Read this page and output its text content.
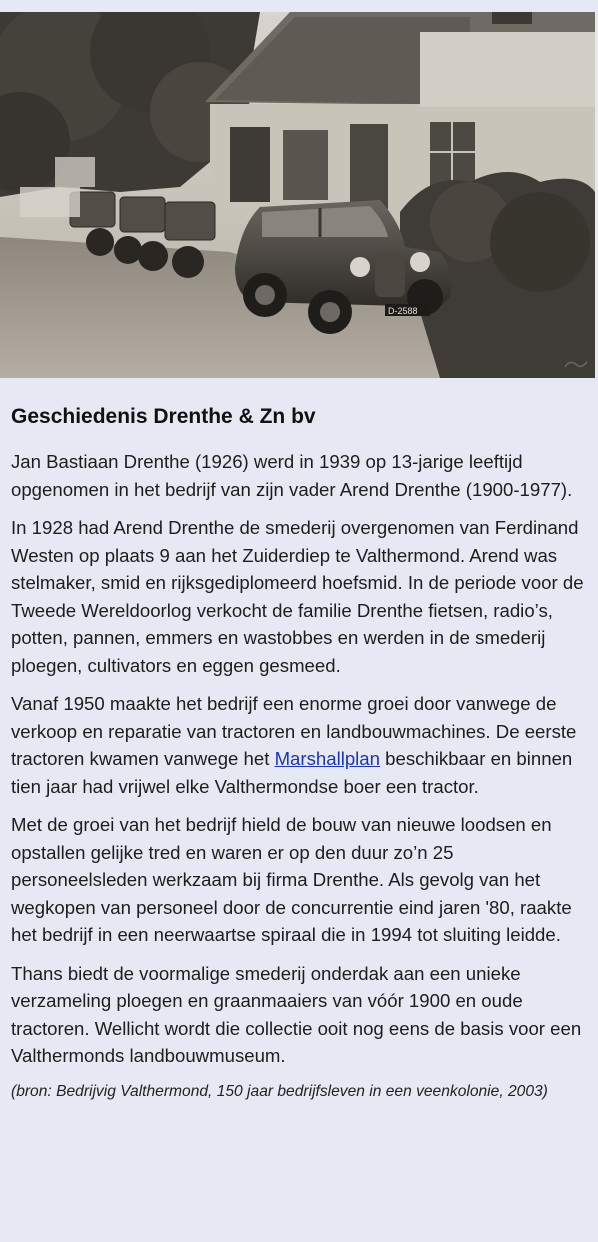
D-2588
Geschiedenis Drenthe & Zn bv

Jan Bastiaan Drenthe (1926) werd in 1939 op 13-jarige leeftijd opgenomen in het bedrijf van zijn vader Arend Drenthe (1900-1977).

In 1928 had Arend Drenthe de smederij overgenomen van Ferdinand Westen op plaats 9 aan het Zuiderdiep te Valthermond. Arend was stelmaker, smid en rijksgediplomeerd hoefsmid. In de periode voor de Tweede Wereldoorlog verkocht de familie Drenthe fietsen, radio’s, potten, pannen, emmers en wastobbes en werden in de smederij ploegen, cultivators en eggen gesmeed.

Vanaf 1950 maakte het bedrijf een enorme groei door vanwege de verkoop en reparatie van tractoren en landbouwmachines. De eerste tractoren kwamen vanwege het Marshallplan beschikbaar en binnen tien jaar had vrijwel elke Valthermondse boer een tractor.

Met de groei van het bedrijf hield de bouw van nieuwe loodsen en opstallen gelijke tred en waren er op den duur zo’n 25 personeelsleden werkzaam bij firma Drenthe. Als gevolg van het wegkopen van personeel door de concurrentie eind jaren '80, raakte het bedrijf in een neerwaartse spiraal die in 1994 tot sluiting leidde.

Thans biedt de voormalige smederij onderdak aan een unieke verzameling ploegen en graanmaaiers van vóór 1900 en oude tractoren. Wellicht wordt die collectie ooit nog eens de basis voor een Valthermonds landbouwmuseum.

(bron: Bedrijvig Valthermond, 150 jaar bedrijfsleven in een veenkolonie, 2003)
